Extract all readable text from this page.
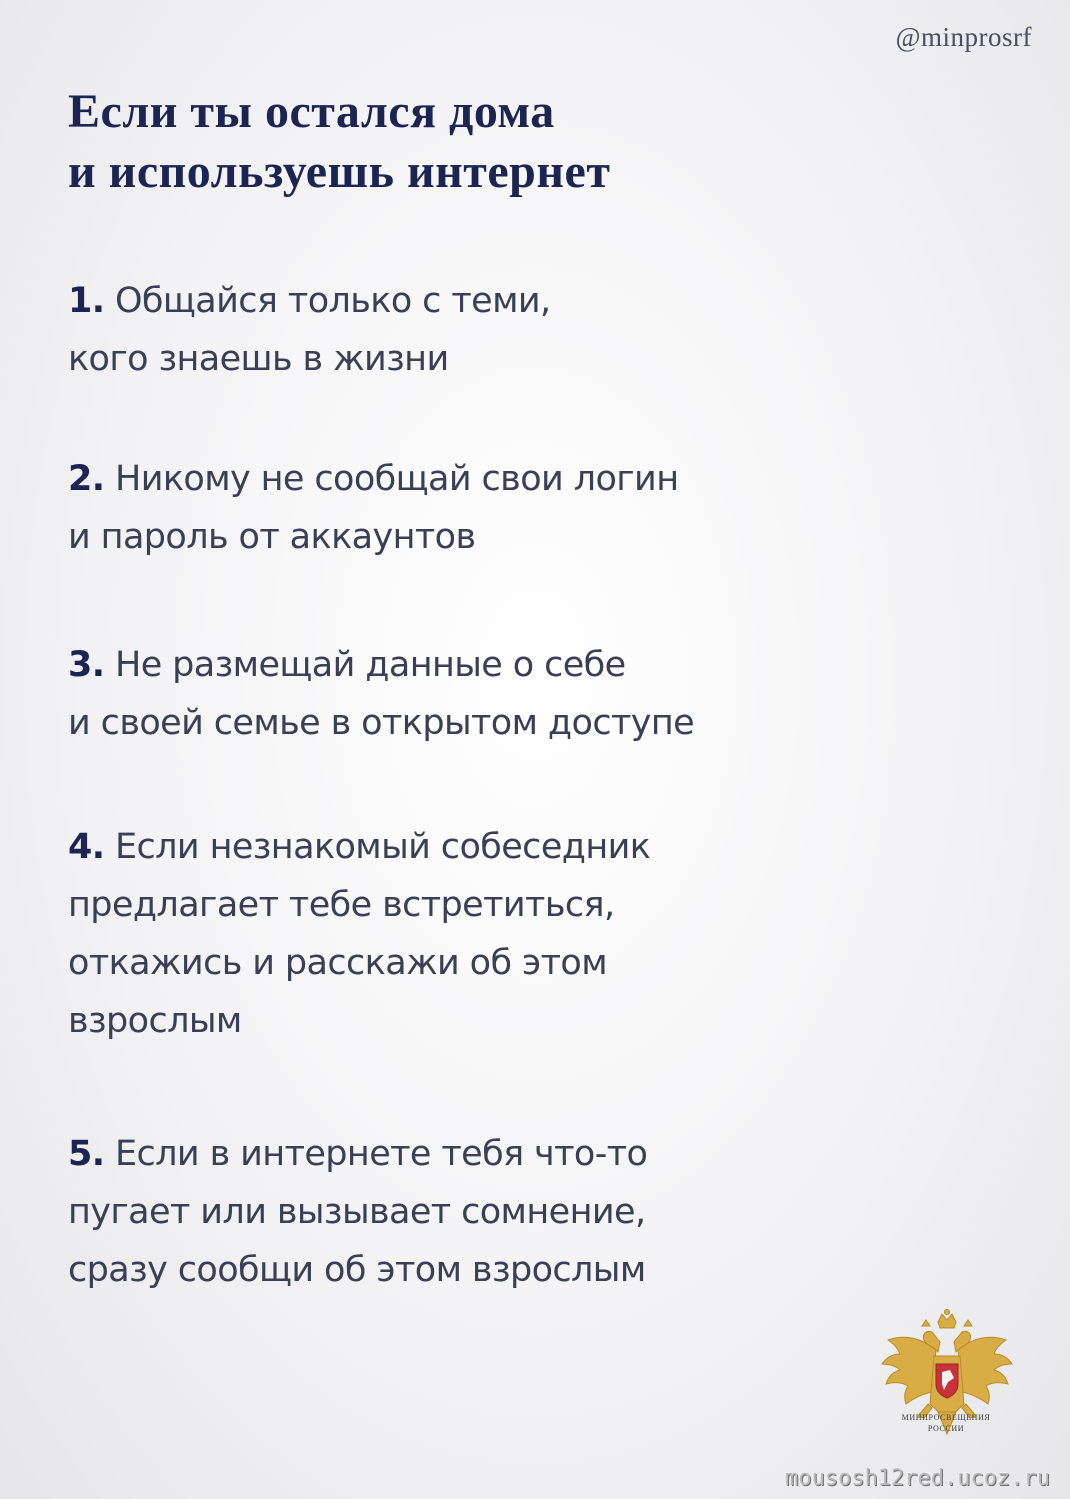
@minprosrf
Если ты остался дома
и используешь интернет
1. Общайся только с теми,
кого знаешь в жизни
2. Никому не сообщай свои логин
и пароль от аккаунтов
3. Не размещай данные о себе
и своей семье в открытом доступе
4. Если незнакомый собеседник
предлагает тебе встретиться,
откажись и расскажи об этом
взрослым
5. Если в интернете тебя что-то
пугает или вызывает сомнение,
сразу сообщи об этом взрослым
МИНПРОСВЕЩЕНИЯ
РОССИИ
mousosh12red.ucoz.ru
